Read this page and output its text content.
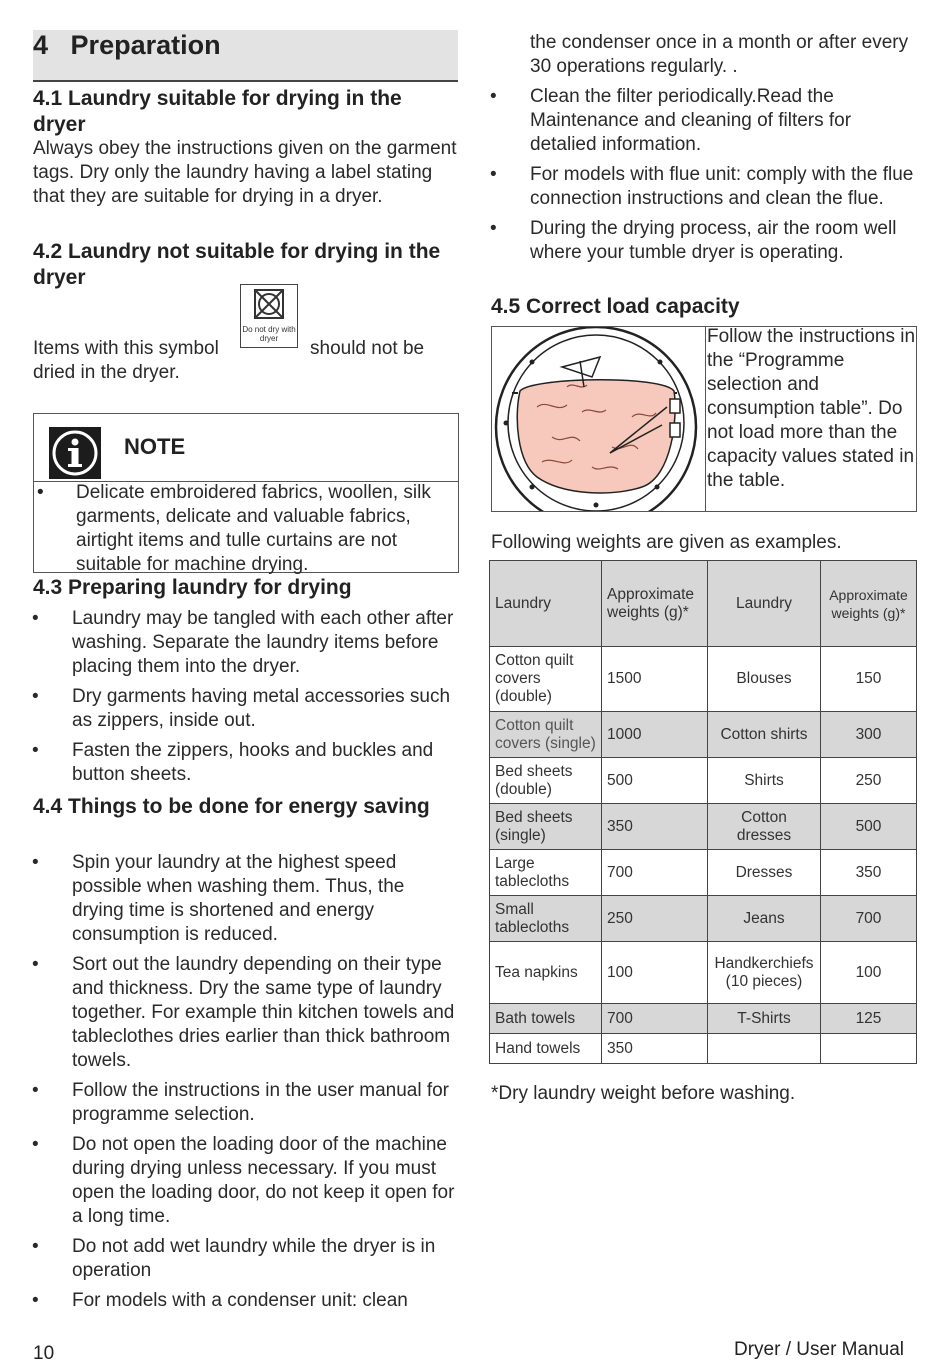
4 Preparation
4.1 Laundry suitable for drying in the dryer
Always obey the instructions given on the garment tags. Dry only the laundry having a label stating that they are suitable for drying in a dryer.
4.2 Laundry not suitable for drying in the dryer
Do not dry with dryer
Items with this symbol	should not be
dried in the dryer.
NOTE
• Delicate embroidered fabrics, woollen, silk garments, delicate and valuable fabrics, airtight items and tulle curtains are not suitable for machine drying.
4.3 Preparing laundry for drying
• Laundry may be tangled with each other after washing. Separate the laundry items before placing them into the dryer.
• Dry garments having metal accessories such as zippers, inside out.
• Fasten the zippers, hooks and buckles and button sheets.
4.4 Things to be done for energy saving
• Spin your laundry at the highest speed possible when washing them. Thus, the drying time is shortened and energy consumption is reduced.
• Sort out the laundry depending on their type and thickness. Dry the same type of laundry together. For example thin kitchen towels and tableclothes dries earlier than thick bathroom towels.
• Follow the instructions in the user manual for programme selection.
• Do not open the loading door of the machine during drying unless necessary. If you must open the loading door, do not keep it open for a long time.
• Do not add wet laundry while the dryer is in operation
• For models with a condenser unit: clean
the condenser once in a month or after every 30 operations regularly. .
• Clean the filter periodically.Read the Maintenance and cleaning of filters for detalied information.
• For models with flue unit: comply with the flue connection instructions and clean the flue.
• During the drying process, air the room well where your tumble dryer is operating.
4.5 Correct load capacity
Follow the instructions in the “Programme selection and consumption table”. Do not load more than the capacity values stated in the table.
Following weights are given as examples.
Laundry	Approximate weights (g)*	Laundry	Approximate weights (g)*
Cotton quilt covers (double)	1500	Blouses	150
Cotton quilt covers (single)	1000	Cotton shirts	300
Bed sheets (double)	500	Shirts	250
Bed sheets (single)	350	Cotton dresses	500
Large tablecloths	700	Dresses	350
Small tablecloths	250	Jeans	700
Tea napkins	100	Handkerchiefs (10 pieces)	100
Bath towels	700	T-Shirts	125
Hand towels	350		
*Dry laundry weight before washing.
10	Dryer / User Manual
